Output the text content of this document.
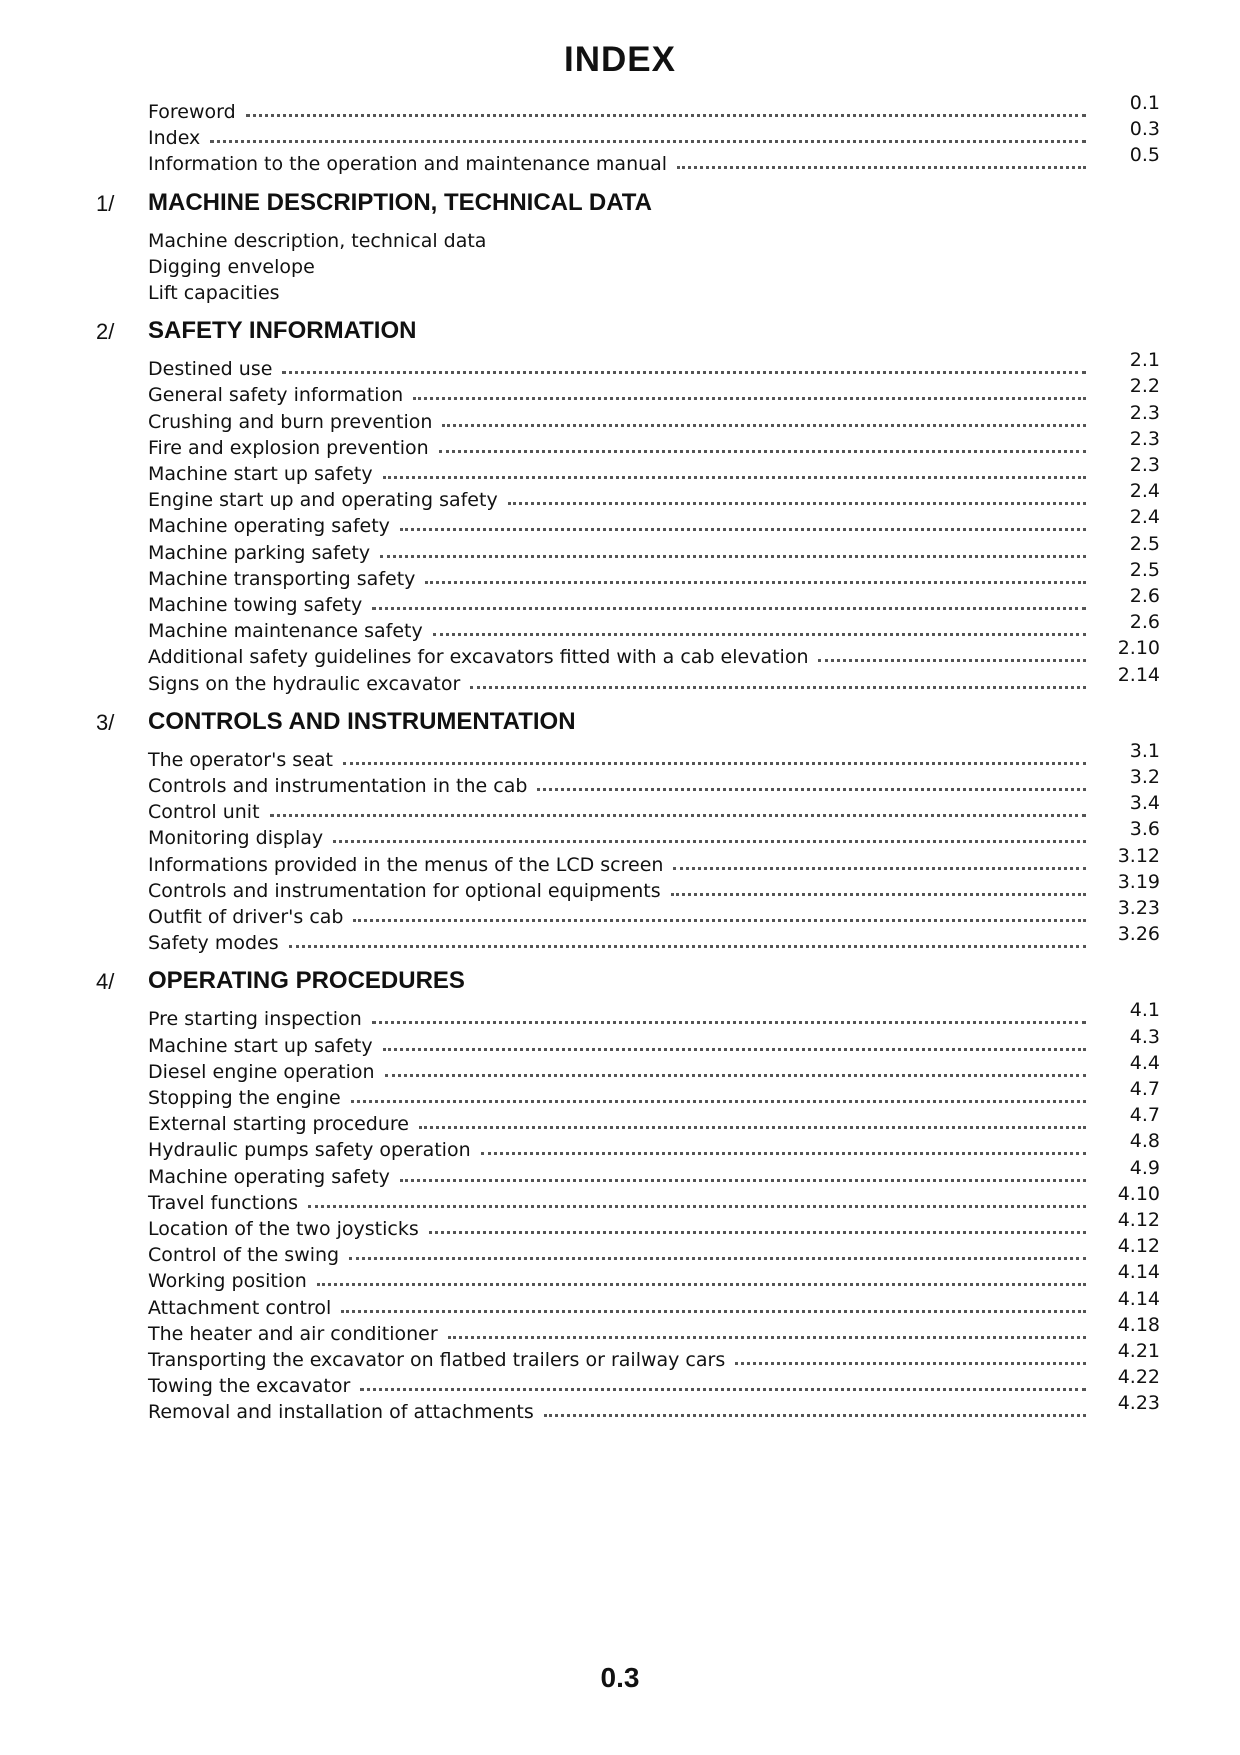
INDEX
Foreword	0.1
Index	0.3
Information to the operation and maintenance manual	0.5
1/	MACHINE DESCRIPTION, TECHNICAL DATA
Machine description, technical data
Digging envelope
Lift capacities
2/	SAFETY INFORMATION
Destined use	2.1
General safety information	2.2
Crushing and burn prevention	2.3
Fire and explosion prevention	2.3
Machine start up safety	2.3
Engine start up and operating safety	2.4
Machine operating safety	2.4
Machine parking safety	2.5
Machine transporting safety	2.5
Machine towing safety	2.6
Machine maintenance safety	2.6
Additional safety guidelines for excavators fitted with a cab elevation	2.10
Signs on the hydraulic excavator	2.14
3/	CONTROLS AND INSTRUMENTATION
The operator's seat	3.1
Controls and instrumentation in the cab	3.2
Control unit	3.4
Monitoring display	3.6
Informations provided in the menus of the LCD screen	3.12
Controls and instrumentation for optional equipments	3.19
Outfit of driver's cab	3.23
Safety modes	3.26
4/	OPERATING PROCEDURES
Pre starting inspection	4.1
Machine start up safety	4.3
Diesel engine operation	4.4
Stopping the engine	4.7
External starting procedure	4.7
Hydraulic pumps safety operation	4.8
Machine operating safety	4.9
Travel functions	4.10
Location of the two joysticks	4.12
Control of the swing	4.12
Working position	4.14
Attachment control	4.14
The heater and air conditioner	4.18
Transporting the excavator on flatbed trailers or railway cars	4.21
Towing the excavator	4.22
Removal and installation of attachments	4.23
0.3
